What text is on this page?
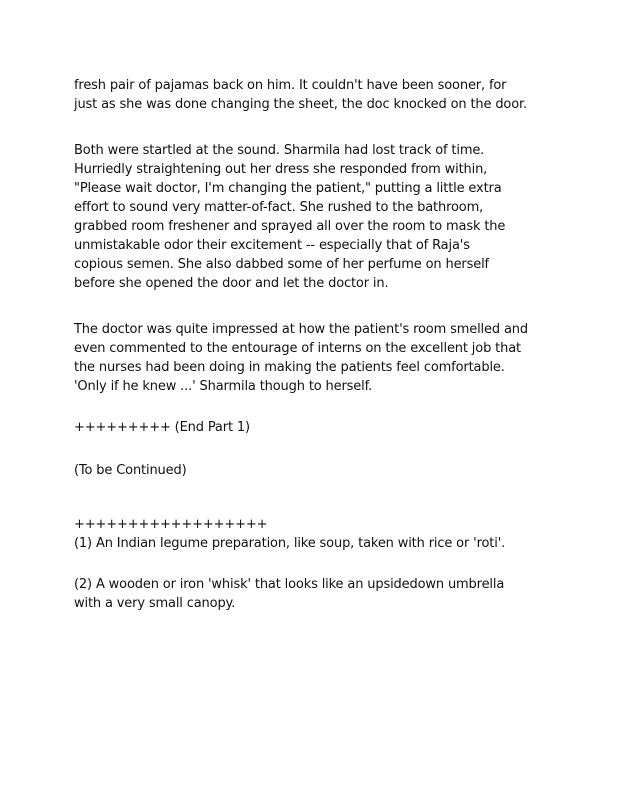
fresh pair of pajamas back on him. It couldn't have been sooner, for
just as she was done changing the sheet, the doc knocked on the door.

Both were startled at the sound. Sharmila had lost track of time.
Hurriedly straightening out her dress she responded from within,
"Please wait doctor, I'm changing the patient," putting a little extra
effort to sound very matter-of-fact. She rushed to the bathroom,
grabbed room freshener and sprayed all over the room to mask the
unmistakable odor their excitement -- especially that of Raja's
copious semen. She also dabbed some of her perfume on herself
before she opened the door and let the doctor in.

The doctor was quite impressed at how the patient's room smelled and
even commented to the entourage of interns on the excellent job that
the nurses had been doing in making the patients feel comfortable.
'Only if he knew ...' Sharmila though to herself.

+++++++++ (End Part 1)

(To be Continued)

++++++++++++++++++
(1) An Indian legume preparation, like soup, taken with rice or 'roti'.

(2) A wooden or iron 'whisk' that looks like an upsidedown umbrella
with a very small canopy.
